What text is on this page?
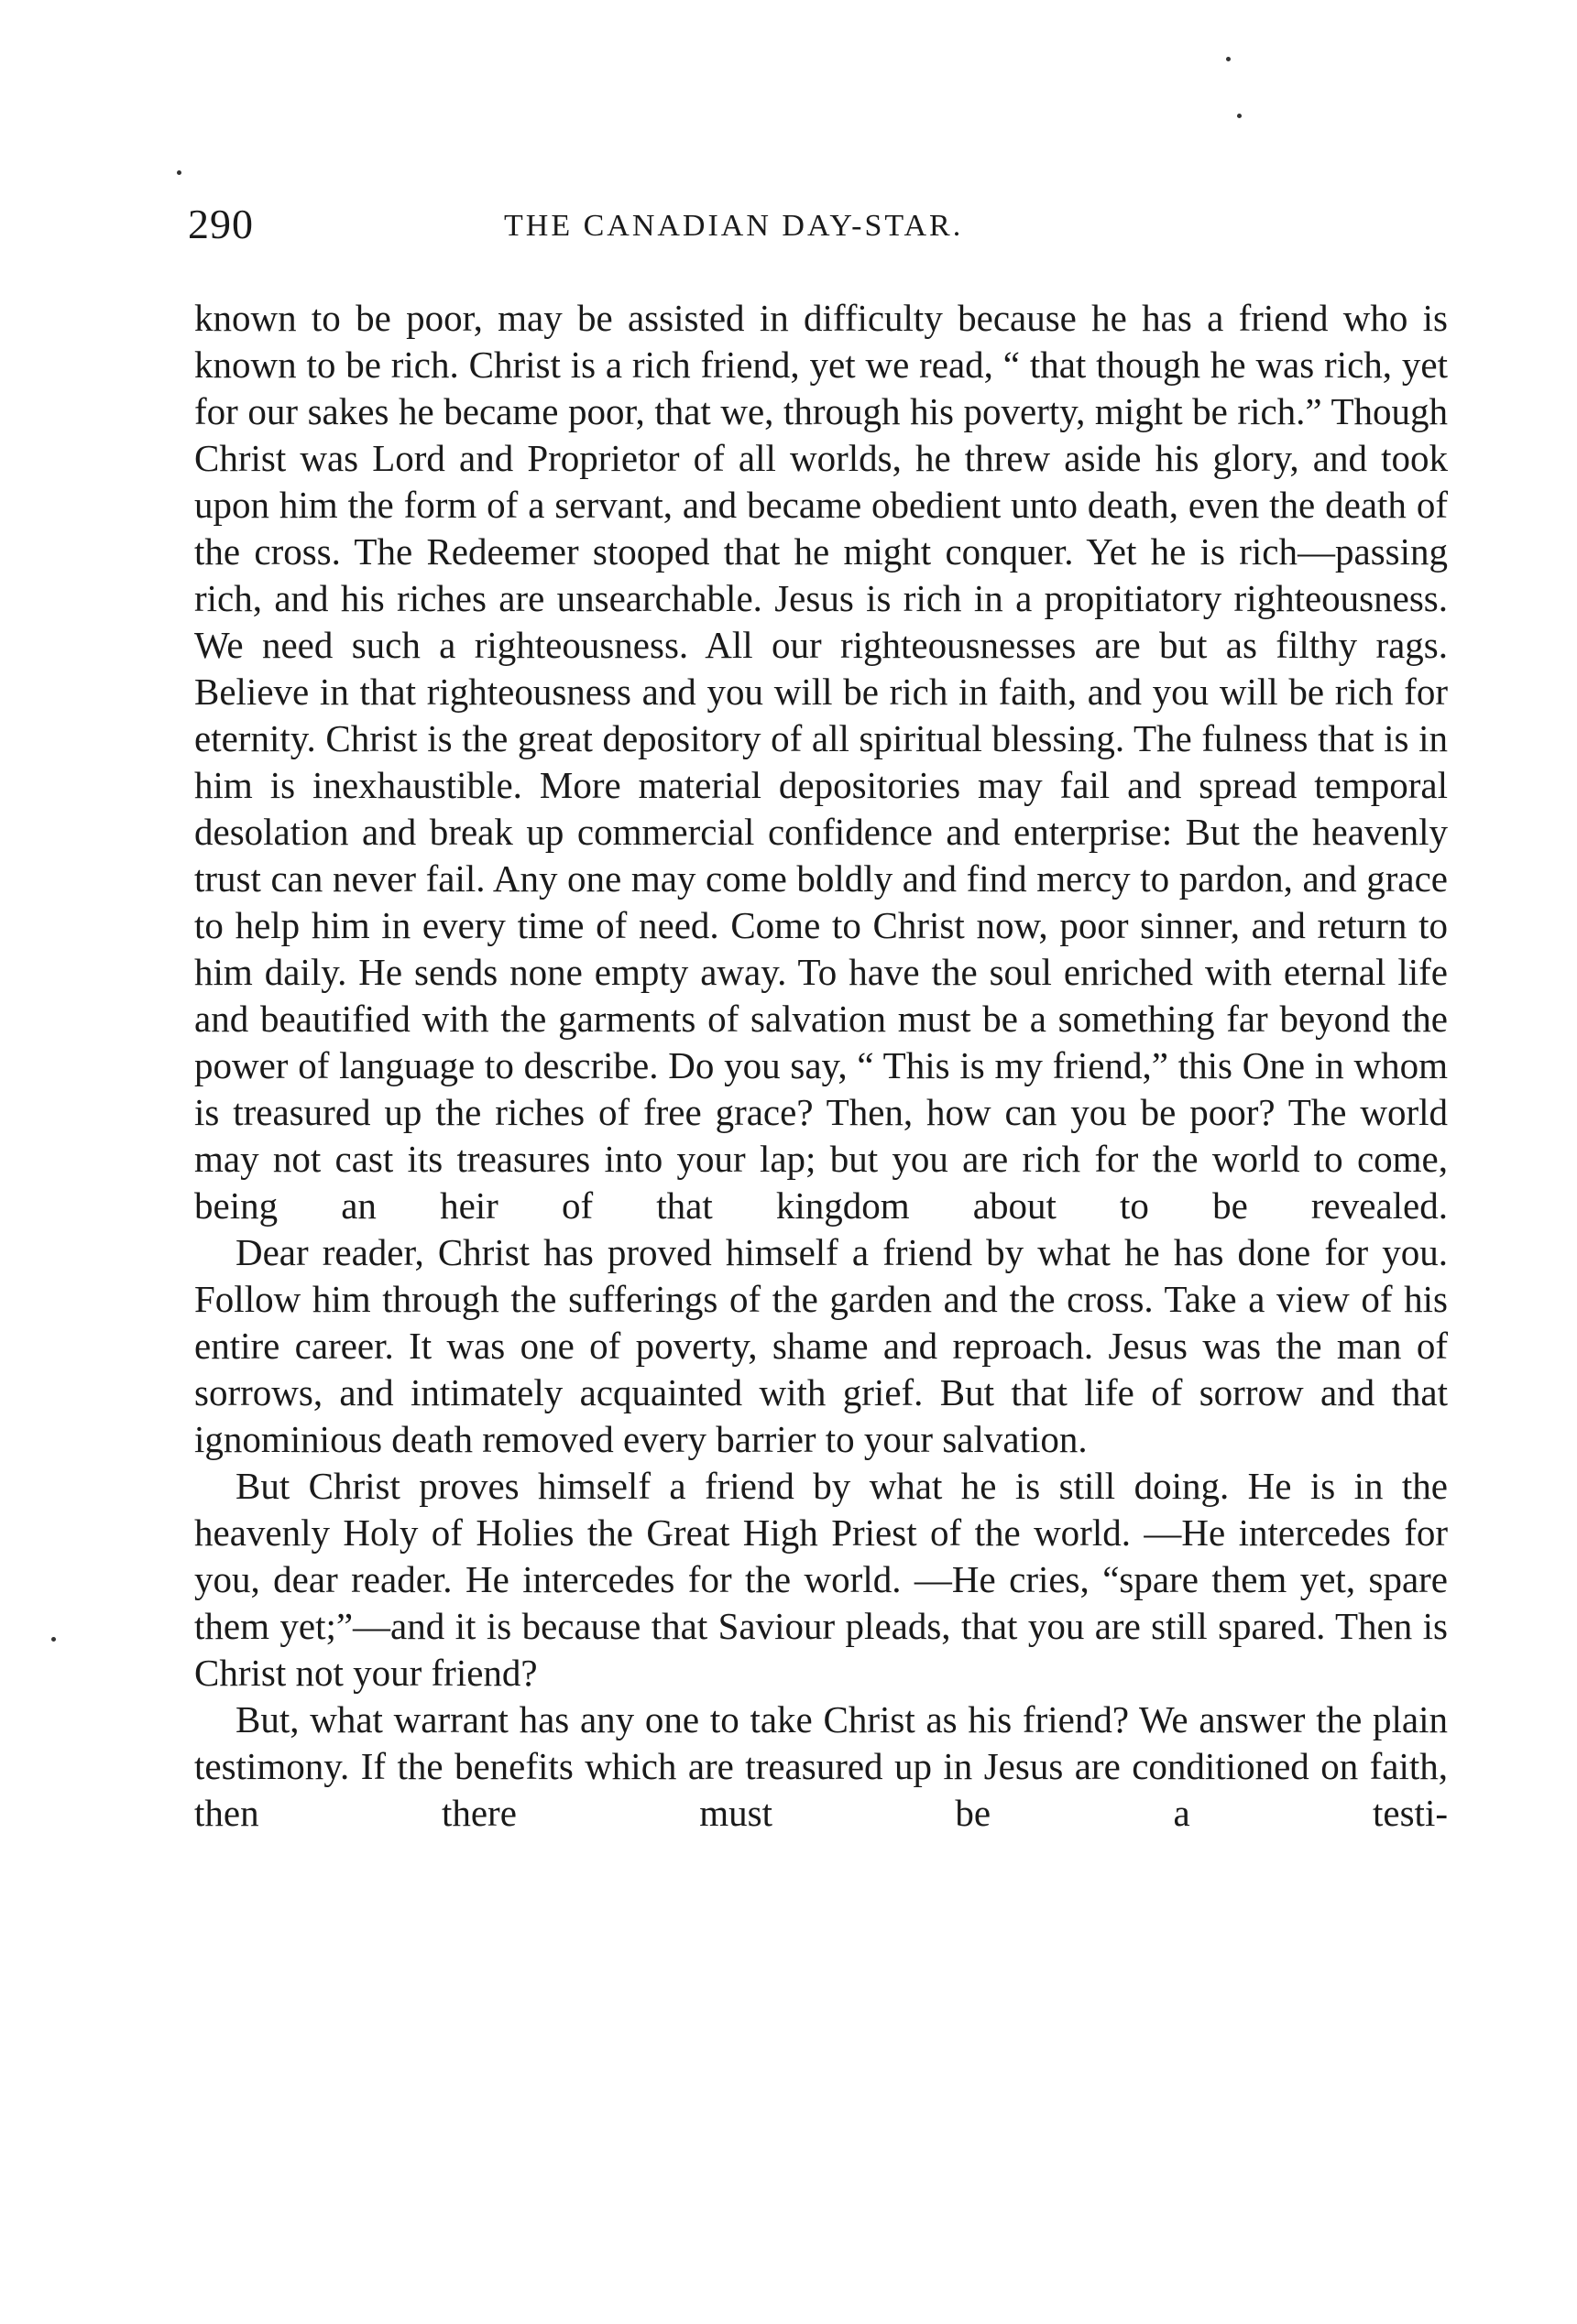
290	THE CANADIAN DAY-STAR.

known to be poor, may be assisted in difficulty because he has a friend who is known to be rich. Christ is a rich friend, yet we read, “ that though he was rich, yet for our sakes he became poor, that we, through his poverty, might be rich.” Though Christ was Lord and Proprietor of all worlds, he threw aside his glory, and took upon him the form of a servant, and became obedient unto death, even the death of the cross. The Redeemer stooped that he might conquer. Yet he is rich—passing rich, and his riches are unsearchable. Jesus is rich in a propitiatory righteousness. We need such a righteousness. All our righteousnesses are but as filthy rags. Believe in that righteousness and you will be rich in faith, and you will be rich for eternity. Christ is the great depository of all spiritual blessing. The fulness that is in him is inexhaustible. More material depositories may fail and spread temporal desolation and break up commercial confidence and enterprise: But the heavenly trust can never fail. Any one may come boldly and find mercy to pardon, and grace to help him in every time of need. Come to Christ now, poor sinner, and return to him daily. He sends none empty away. To have the soul enriched with eternal life and beautified with the garments of salvation must be a something far beyond the power of language to describe. Do you say, “ This is my friend,” this One in whom is treasured up the riches of free grace? Then, how can you be poor? The world may not cast its treasures into your lap; but you are rich for the world to come, being an heir of that kingdom about to be revealed.

Dear reader, Christ has proved himself a friend by what he has done for you. Follow him through the sufferings of the garden and the cross. Take a view of his entire career. It was one of poverty, shame and reproach. Jesus was the man of sorrows, and intimately acquainted with grief. But that life of sorrow and that ignominious death removed every barrier to your salvation.

But Christ proves himself a friend by what he is still doing. He is in the heavenly Holy of Holies the Great High Priest of the world. —He intercedes for you, dear reader. He intercedes for the world. —He cries, “spare them yet, spare them yet;”—and it is because that Saviour pleads, that you are still spared. Then is Christ not your friend?

But, what warrant has any one to take Christ as his friend? We answer the plain testimony. If the benefits which are treasured up in Jesus are conditioned on faith, then there must be a testi-
